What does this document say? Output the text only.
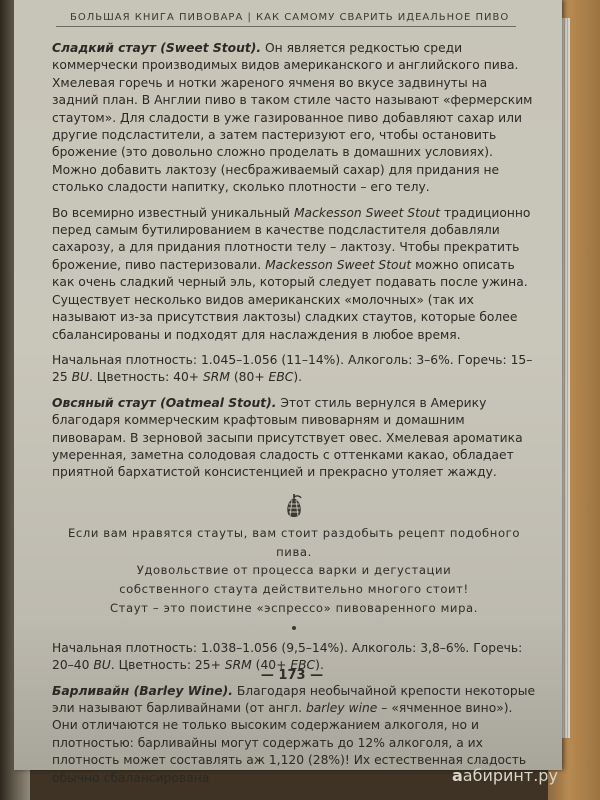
БОЛЬШАЯ КНИГА ПИВОВАРА | КАК САМОМУ СВАРИТЬ ИДЕАЛЬНОЕ ПИВО

Сладкий стаут (Sweet Stout). Он является редкостью среди коммерчески производимых видов американского и английского пива. Хмелевая горечь и нотки жареного ячменя во вкусе задвинуты на задний план. В Англии пиво в таком стиле часто называют «фермерским стаутом». Для сладости в уже газированное пиво добавляют сахар или другие подсластители, а затем пастеризуют его, чтобы остановить брожение (это довольно сложно проделать в домашних условиях). Можно добавить лактозу (несбраживаемый сахар) для придания не столько сладости напитку, сколько плотности – его телу.

Во всемирно известный уникальный Mackesson Sweet Stout традиционно перед самым бутилированием в качестве подсластителя добавляли сахарозу, а для придания плотности телу – лактозу. Чтобы прекратить брожение, пиво пастеризовали. Mackesson Sweet Stout можно описать как очень сладкий черный эль, который следует подавать после ужина. Существует несколько видов американских «молочных» (так их называют из-за присутствия лактозы) сладких стаутов, которые более сбалансированы и подходят для наслаждения в любое время.

Начальная плотность: 1.045–1.056 (11–14%). Алкоголь: 3–6%. Горечь: 15–25 BU. Цветность: 40+ SRM (80+ EBC).

Овсяный стаут (Oatmeal Stout). Этот стиль вернулся в Америку благодаря коммерческим крафтовым пивоварням и домашним пивоварам. В зерновой засыпи присутствует овес. Хмелевая ароматика умеренная, заметна солодовая сладость с оттенками какао, обладает приятной бархатистой консистенцией и прекрасно утоляет жажду.

Если вам нравятся стауты, вам стоит раздобыть рецепт подобного пива.
Удовольствие от процесса варки и дегустации
собственного стаута действительно многого стоит!
Стаут – это поистине «эспрессо» пивоваренного мира.

Начальная плотность: 1.038–1.056 (9,5–14%). Алкоголь: 3,8–6%. Горечь: 20–40 BU. Цветность: 25+ SRM (40+ EBC).

Барливайн (Barley Wine). Благодаря необычайной крепости некоторые эли называют барливайнами (от англ. barley wine – «ячменное вино»). Они отличаются не только высоким содержанием алкоголя, но и плотностью: барливайны могут содержать до 12% алкоголя, а их плотность может составлять аж 1,120 (28%)! Их естественная сладость обычно сбалансирована

— 173 —
aабиринт.ру
